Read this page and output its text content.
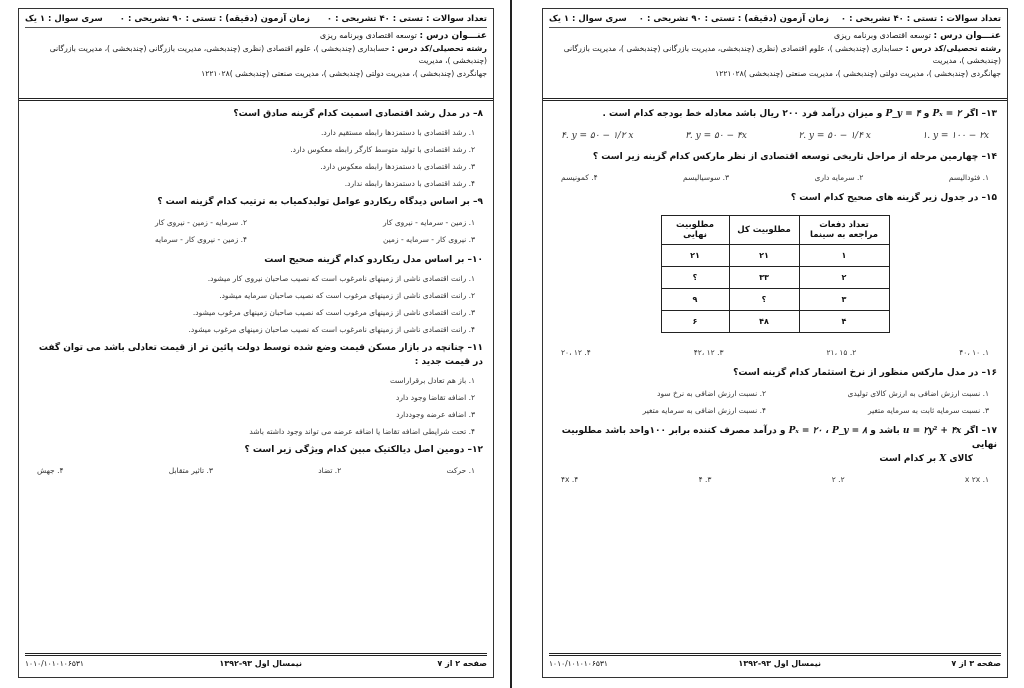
تعداد سوالات : تستی : ۴۰ تشریحی : ۰
زمان آزمون (دقیقه) : تستی : ۹۰ تشریحی : ۰
سری سوال : ۱ یک
عنـــوان درس : توسعه اقتصادی وبرنامه ریزی
رشته تحصیلی/کد درس : حسابداری (چندبخشی )، علوم اقتصادی (نظری (چندبخشی، مدیریت بازرگانی (چندبخشی )، مدیریت بازرگانی (چندبخشی )، مدیریت
جهانگردی (چندبخشی )، مدیریت دولتی (چندبخشی )، مدیریت صنعتی (چندبخشی )۱۲۲۱۰۲۸
۸– در مدل رشد اقتصادی اسمیت کدام گزینه صادق است؟
۱. رشد اقتصادی با دستمزدها رابطه مستقیم دارد.
۲. رشد اقتصادی با تولید متوسط کارگر رابطه معکوس دارد.
۳. رشد اقتصادی با دستمزدها رابطه معکوس دارد.
۴. رشد اقتصادی با دستمزدها رابطه ندارد.
۹– بر اساس دیدگاه ریکاردو عوامل تولیدکمیاب به ترتیب کدام گزینه است ؟
۱. زمین - سرمایه - نیروی کار
۲. سرمایه - زمین - نیروی کار
۳. نیروی کار - سرمایه - زمین
۴. زمین - نیروی کار - سرمایه
۱۰– بر اساس مدل ریکاردو کدام گزینه صحیح است
۱. رانت اقتصادی ناشی از زمینهای نامرغوب است که نصیب صاحبان نیروی کار میشود.
۲. رانت اقتصادی ناشی از زمینهای مرغوب است که نصیب صاحبان سرمایه میشود.
۳. رانت اقتصادی ناشی از زمینهای مرغوب است که نصیب صاحبان زمینهای مرغوب میشود.
۴. رانت اقتصادی ناشی از زمینهای نامرغوب است که نصیب صاحبان زمینهای مرغوب میشود.
۱۱– چنانچه در بازار مسکن قیمت وضع شده توسط دولت پائین تر از قیمت تعادلی باشد می توان گفت در قیمت جدید :
۱. باز هم تعادل برقراراست
۲. اضافه تقاضا وجود دارد
۳. اضافه عرضه وجوددارد
۴. تحت شرایطی اضافه تقاضا یا اضافه عرضه می تواند وجود داشته باشد
۱۲– دومین اصل دیالکتیک مبین کدام ویژگی زیر است ؟
۱. حرکت
۲. تضاد
۳. تاثیر متقابل
۴. جهش
صفحه ۲ از ۷
نیمسال اول ۹۳-۱۳۹۲
۱۰۱۰/۱۰۱۰۱۰۶۵۳۱
تعداد سوالات : تستی : ۴۰ تشریحی : ۰
زمان آزمون (دقیقه) : تستی : ۹۰ تشریحی : ۰
سری سوال : ۱ یک
عنـــوان درس : توسعه اقتصادی وبرنامه ریزی
رشته تحصیلی/کد درس : حسابداری (چندبخشی )، علوم اقتصادی (نظری (چندبخشی، مدیریت بازرگانی (چندبخشی )، مدیریت بازرگانی (چندبخشی )، مدیریت
جهانگردی (چندبخشی )، مدیریت دولتی (چندبخشی )، مدیریت صنعتی (چندبخشی )۱۲۲۱۰۲۸
۱۳– اگر Pₓ = ۲ و P_y = ۴ و میزان درآمد فرد ۲۰۰ ریال باشد معادله خط بودجه کدام است .
۱. y = ۱۰۰ − ۲x
۲. y = ۵۰ − ۱/۴ x
۳. y = ۵۰ − ۴x
۴. y = ۵۰ − ۱/۲ x
۱۴– چهارمین مرحله از مراحل تاریخی توسعه اقتصادی از نظر مارکس کدام گزینه زیر است ؟
۱. فئودالیسم
۲. سرمایه داری
۳. سوسیالیسم
۴. کمونیسم
۱۵– در جدول زیر گزینه های صحیح کدام است ؟
تعداد دفعات مراجعه به سینما	مطلوبیت کل	مطلوبیت نهایی
۱	۲۱	۲۱
۲	۳۳	؟
۳	؟	۹
۴	۴۸	۶
۱. ۱۰ ،۴۰
۲. ۱۵ ،۲۱
۳. ۱۲ ،۴۲
۴. ۱۲ ،۲۰
۱۶– در مدل مارکس منظور از نرخ استثمار کدام گزینه است؟
۱. نسبت ارزش اضافی به ارزش کالای تولیدی
۲. نسبت ارزش اضافی به نرخ سود
۳. نسبت سرمایه ثابت به سرمایه متغیر
۴. نسبت ارزش اضافی به سرمایه متغیر
۱۷– اگر u = ۲y² + ۴x باشد و Pₓ = ۲۰ ، P_y = ۸ و درآمد مصرف کننده برابر ۱۰۰واحد باشد مطلوبیت نهایی
کالای X بر کدام است
۱. x ۲x
۲. ۲
۳. ۴
۴. ۴x
صفحه ۳ از ۷
نیمسال اول ۹۳-۱۳۹۲
۱۰۱۰/۱۰۱۰۱۰۶۵۳۱
